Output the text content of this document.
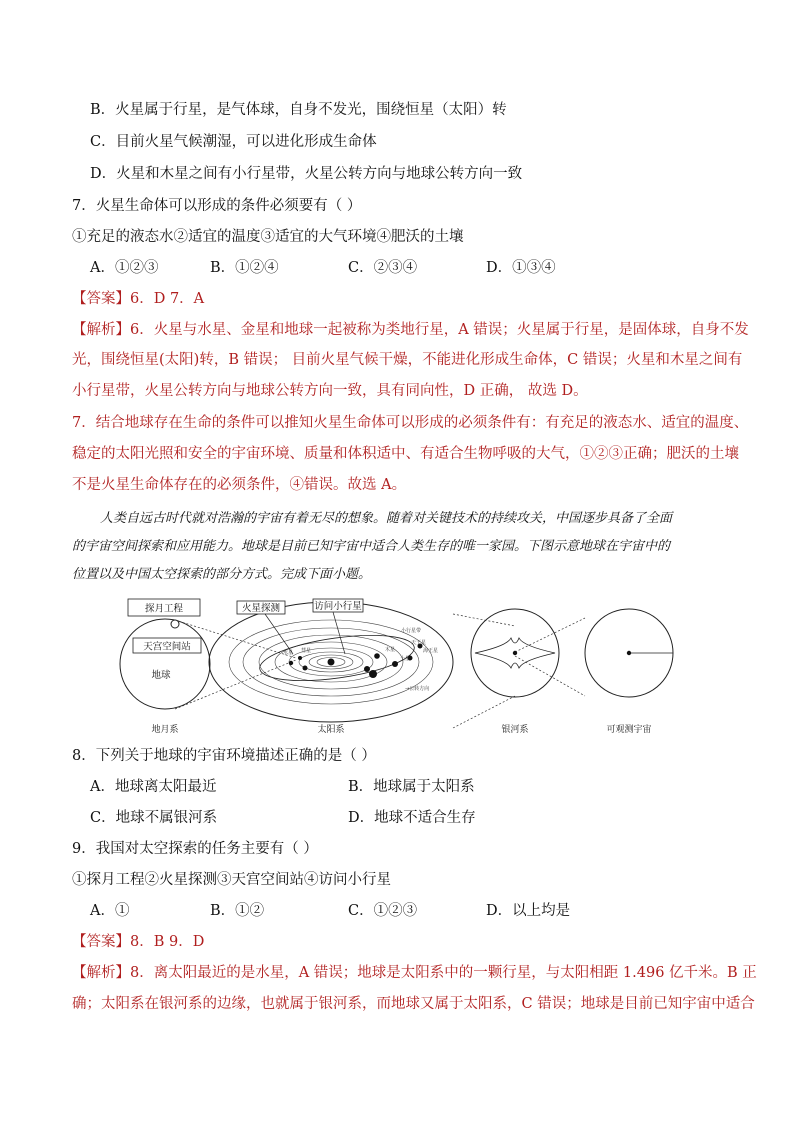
B．火星属于行星，是气体球，自身不发光，围绕恒星（太阳）转
C．目前火星气候潮湿，可以进化形成生命体
D．火星和木星之间有小行星带，火星公转方向与地球公转方向一致
7．火星生命体可以形成的条件必须要有（ ）
①充足的液态水②适宜的温度③适宜的大气环境④肥沃的土壤
A．①②③	B．①②④	C．②③④	D．①③④
【答案】6．D 7．A
【解析】6．火星与水星、金星和地球一起被称为类地行星，A 错误；火星属于行星，是固体球，自身不发
光，围绕恒星(太阳)转，B 错误； 目前火星气候干燥，不能进化形成生命体，C 错误；火星和木星之间有
小行星带，火星公转方向与地球公转方向一致，具有同向性，D 正确， 故选 D。
7．结合地球存在生命的条件可以推知火星生命体可以形成的必须条件有：有充足的液态水、适宜的温度、
稳定的太阳光照和安全的宇宙环境、质量和体积适中、有适合生物呼吸的大气，①②③正确；肥沃的土壤
不是火星生命体存在的必须条件，④错误。故选 A。
人类自远古时代就对浩瀚的宇宙有着无尽的想象。随着对关键技术的持续攻关，中国逐步具备了全面
的宇宙空间探索和应用能力。地球是目前已知宇宙中适合人类生存的唯一家园。下图示意地球在宇宙中的
位置以及中国太空探索的部分方式。完成下面小题。
探月工程
天宫空间站
地球
火星探测	访问小行星
小行星带
海王星
天王星
土星
木星
水星 彗星
→公转方向
地月系	太阳系	银河系	可观测宇宙
8．下列关于地球的宇宙环境描述正确的是（ ）
A．地球离太阳最近	B．地球属于太阳系
C．地球不属银河系	D．地球不适合生存
9．我国对太空探索的任务主要有（ ）
①探月工程②火星探测③天宫空间站④访问小行星
A．①	B．①②	C．①②③	D．以上均是
【答案】8．B 9．D
【解析】8．离太阳最近的是水星，A 错误；地球是太阳系中的一颗行星，与太阳相距 1.496 亿千米。B 正
确；太阳系在银河系的边缘，也就属于银河系，而地球又属于太阳系，C 错误；地球是目前已知宇宙中适合
